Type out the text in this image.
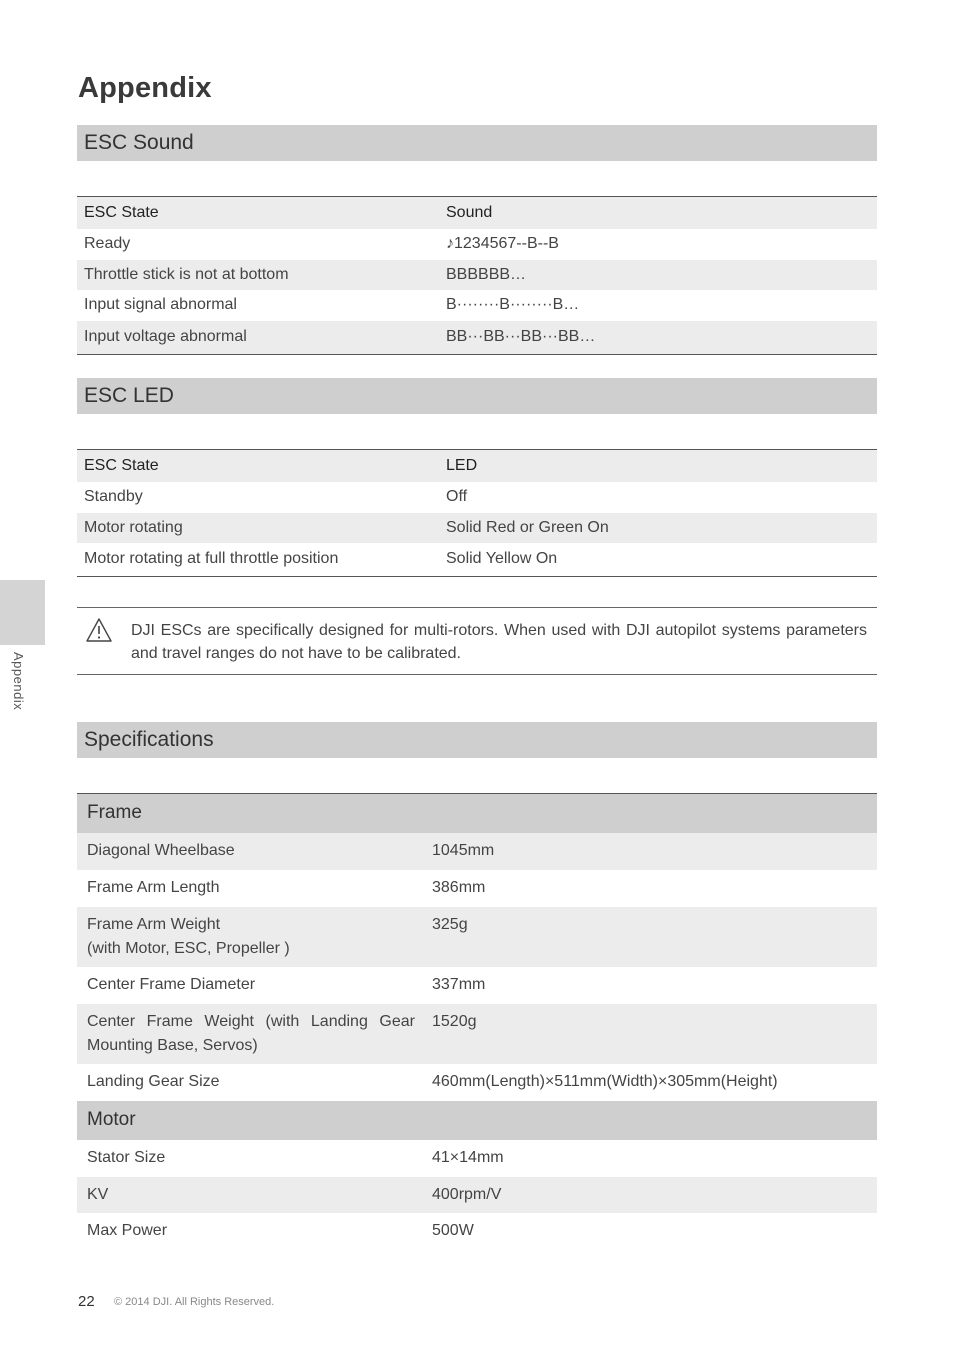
Appendix
Appendix
ESC Sound
ESC State	Sound
Ready	♪1234567--B--B
Throttle stick is not at bottom	BBBBBB…
Input signal abnormal	B········B········B…
Input voltage abnormal	BB···BB···BB···BB…
ESC LED
ESC State	LED
Standby	Off
Motor rotating	Solid Red or Green On
Motor rotating at full throttle position	Solid Yellow On
DJI ESCs are specifically designed for multi-rotors. When used with DJI autopilot systems parameters and travel ranges do not have to be calibrated.
Specifications
Frame	
Diagonal Wheelbase	1045mm
Frame Arm Length	386mm

Frame Arm Weight
(with Motor, ESC, Propeller )	325g
Center Frame Diameter	337mm

Center Frame Weight (with Landing Gear
Mounting Base, Servos)	1520g
Landing Gear Size	460mm(Length)×511mm(Width)×305mm(Height)
Motor	
Stator Size	41×14mm
KV	400rpm/V
Max Power	500W
22 © 2014 DJI. All Rights Reserved.
